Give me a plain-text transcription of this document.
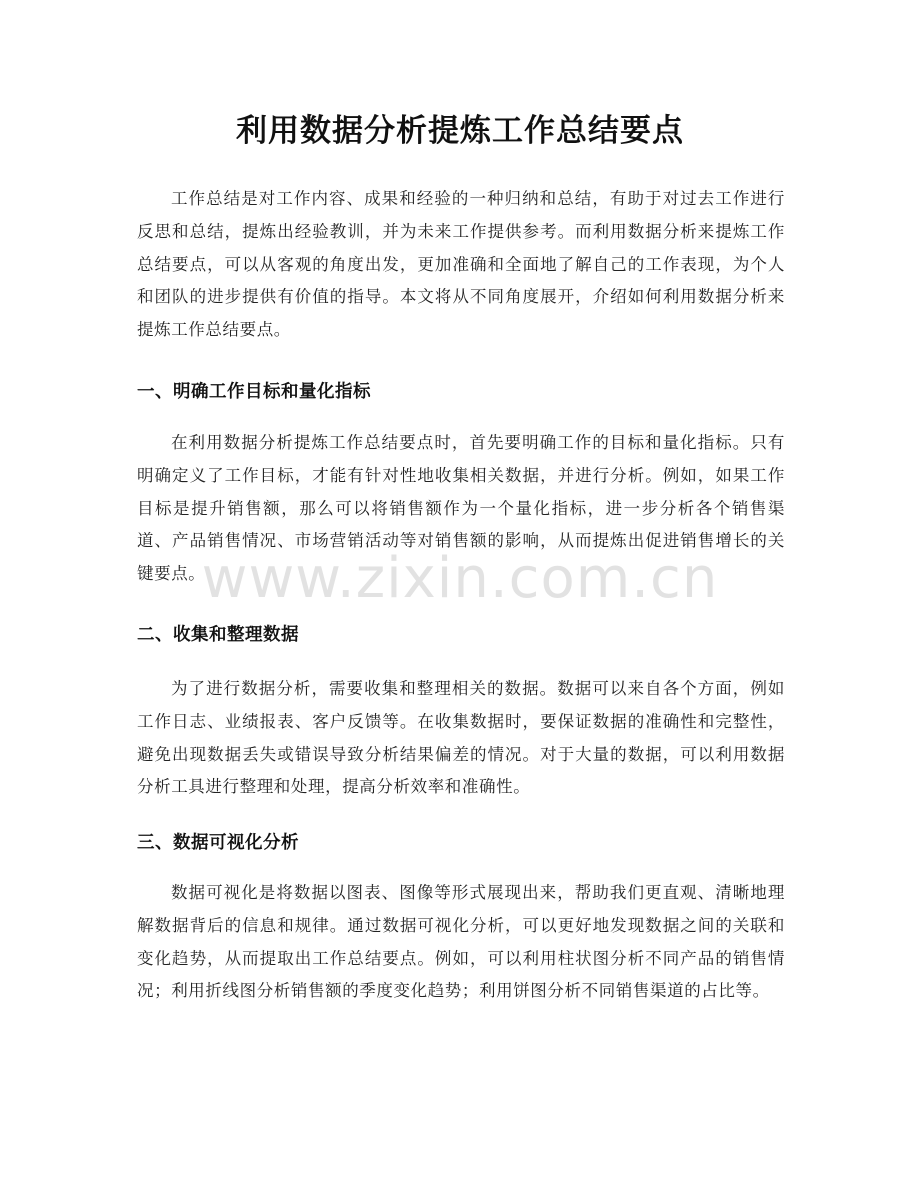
利用数据分析提炼工作总结要点

工作总结是对工作内容、成果和经验的一种归纳和总结，有助于对过去工作进行反思和总结，提炼出经验教训，并为未来工作提供参考。而利用数据分析来提炼工作总结要点，可以从客观的角度出发，更加准确和全面地了解自己的工作表现，为个人和团队的进步提供有价值的指导。本文将从不同角度展开，介绍如何利用数据分析来提炼工作总结要点。

一、明确工作目标和量化指标

在利用数据分析提炼工作总结要点时，首先要明确工作的目标和量化指标。只有明确定义了工作目标，才能有针对性地收集相关数据，并进行分析。例如，如果工作目标是提升销售额，那么可以将销售额作为一个量化指标，进一步分析各个销售渠道、产品销售情况、市场营销活动等对销售额的影响，从而提炼出促进销售增长的关键要点。

二、收集和整理数据

为了进行数据分析，需要收集和整理相关的数据。数据可以来自各个方面，例如工作日志、业绩报表、客户反馈等。在收集数据时，要保证数据的准确性和完整性，避免出现数据丢失或错误导致分析结果偏差的情况。对于大量的数据，可以利用数据分析工具进行整理和处理，提高分析效率和准确性。

三、数据可视化分析

数据可视化是将数据以图表、图像等形式展现出来，帮助我们更直观、清晰地理解数据背后的信息和规律。通过数据可视化分析，可以更好地发现数据之间的关联和变化趋势，从而提取出工作总结要点。例如，可以利用柱状图分析不同产品的销售情况；利用折线图分析销售额的季度变化趋势；利用饼图分析不同销售渠道的占比等。

www.zixin.com.cn
